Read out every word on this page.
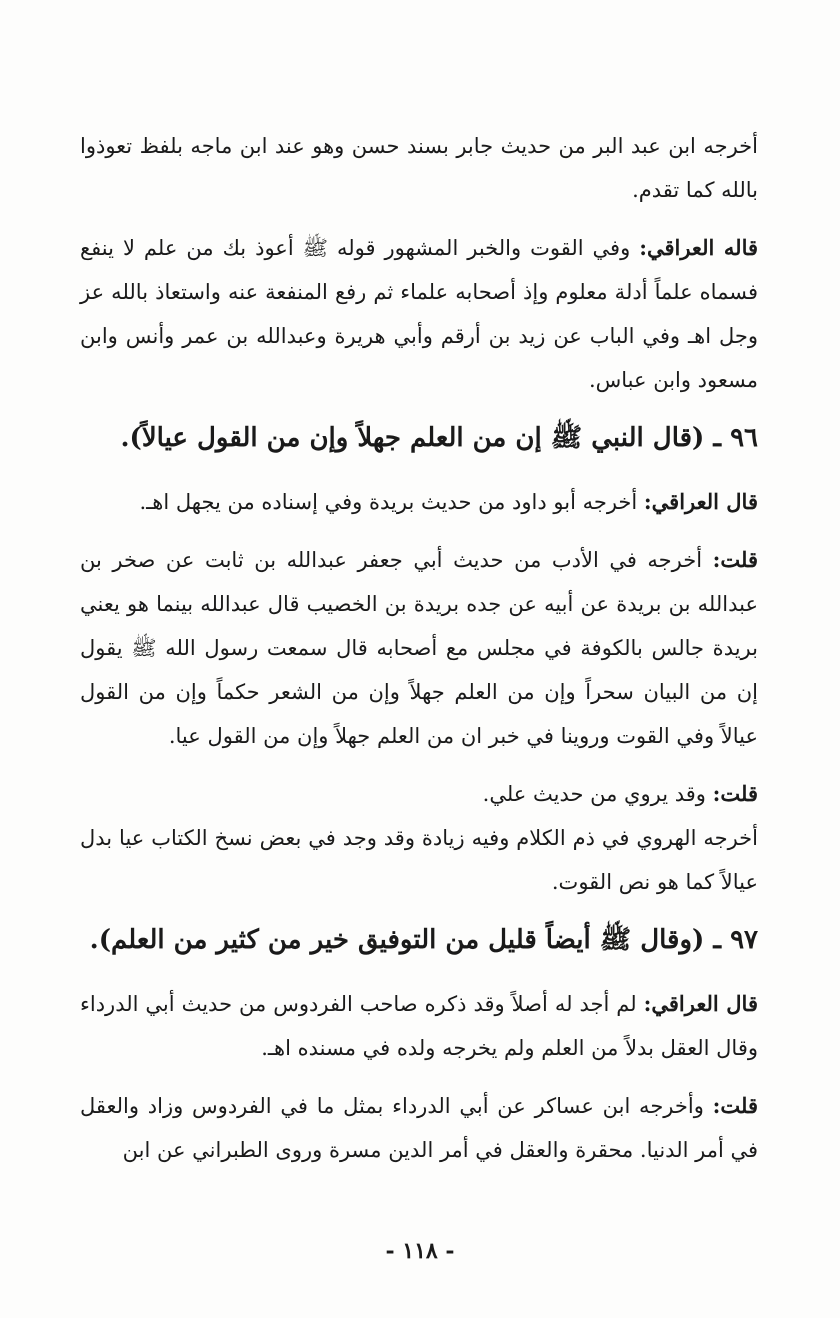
أخرجه ابن عبد البر من حديث جابر بسند حسن وهو عند ابن ماجه بلفظ تعوذوا بالله كما تقدم.

قاله العراقي: وفي القوت والخبر المشهور قوله ﷺ أعوذ بك من علم لا ينفع فسماه علماً أدلة معلوم وإذ أصحابه علماء ثم رفع المنفعة عنه واستعاذ بالله عز وجل اهـ وفي الباب عن زيد بن أرقم وأبي هريرة وعبدالله بن عمر وأنس وابن مسعود وابن عباس.

٩٦ ـ (قال النبي ﷺ إن من العلم جهلاً وإن من القول عيالاً).

قال العراقي: أخرجه أبو داود من حديث بريدة وفي إسناده من يجهل اهـ.

قلت: أخرجه في الأدب من حديث أبي جعفر عبدالله بن ثابت عن صخر بن عبدالله بن بريدة عن أبيه عن جده بريدة بن الخصيب قال عبدالله بينما هو يعني بريدة جالس بالكوفة في مجلس مع أصحابه قال سمعت رسول الله ﷺ يقول إن من البيان سحراً وإن من العلم جهلاً وإن من الشعر حكماً وإن من القول عيالاً وفي القوت وروينا في خبر ان من العلم جهلاً وإن من القول عيا.

قلت: وقد يروي من حديث علي.

أخرجه الهروي في ذم الكلام وفيه زيادة وقد وجد في بعض نسخ الكتاب عيا بدل عيالاً كما هو نص القوت.

٩٧ ـ (وقال ﷺ أيضاً قليل من التوفيق خير من كثير من العلم).

قال العراقي: لم أجد له أصلاً وقد ذكره صاحب الفردوس من حديث أبي الدرداء وقال العقل بدلاً من العلم ولم يخرجه ولده في مسنده اهـ.

قلت: وأخرجه ابن عساكر عن أبي الدرداء بمثل ما في الفردوس وزاد والعقل في أمر الدنيا. محقرة والعقل في أمر الدين مسرة وروى الطبراني عن ابن

- ١١٨ -
